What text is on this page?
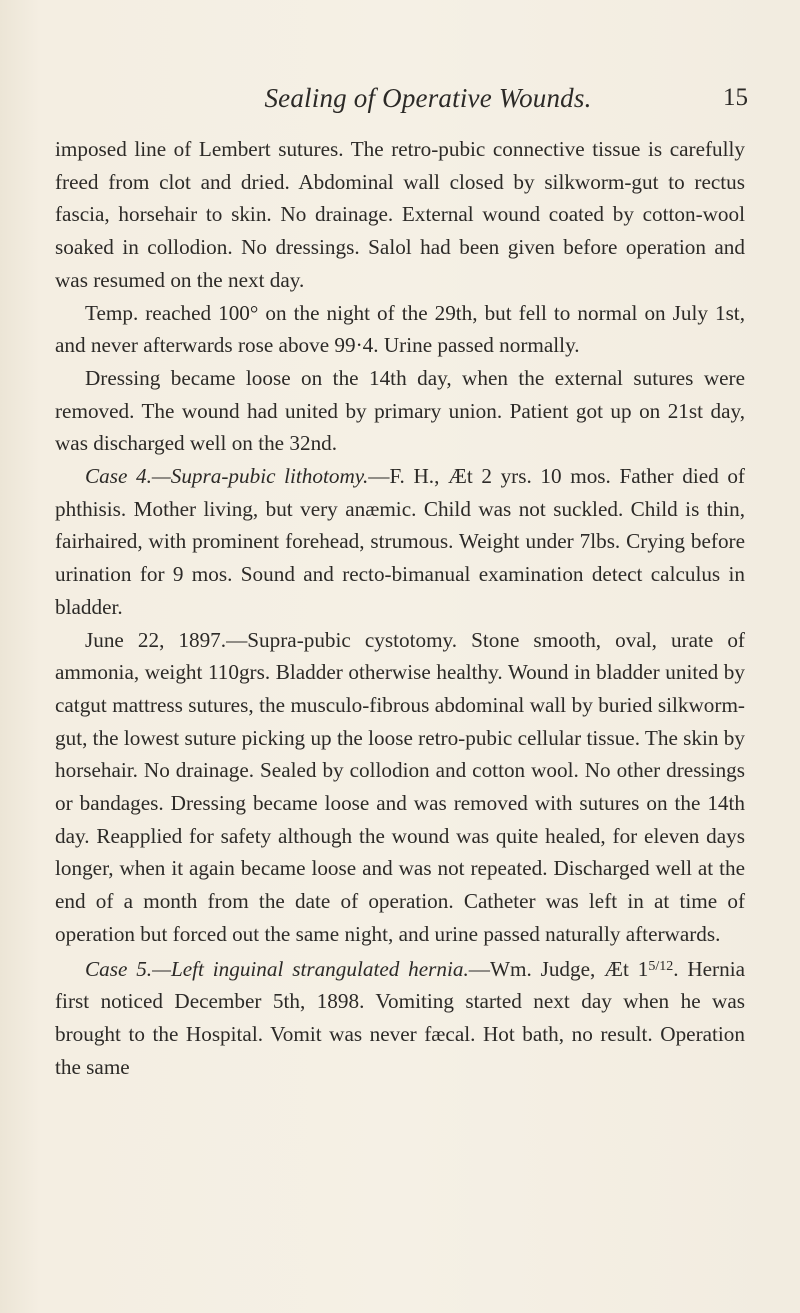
Sealing of Operative Wounds.	15

imposed line of Lembert sutures. The retro-pubic connective tissue is carefully freed from clot and dried. Abdominal wall closed by silkworm-gut to rectus fascia, horsehair to skin. No drainage. External wound coated by cotton-wool soaked in collodion. No dressings. Salol had been given before operation and was resumed on the next day.

Temp. reached 100° on the night of the 29th, but fell to normal on July 1st, and never afterwards rose above 99·4. Urine passed normally.

Dressing became loose on the 14th day, when the external sutures were removed. The wound had united by primary union. Patient got up on 21st day, was discharged well on the 32nd.

Case 4.—Supra-pubic lithotomy.—F. H., Æt 2 yrs. 10 mos. Father died of phthisis. Mother living, but very anæmic. Child was not suckled. Child is thin, fairhaired, with prominent forehead, strumous. Weight under 7lbs. Crying before urination for 9 mos. Sound and recto-bimanual examination detect calculus in bladder.

June 22, 1897.—Supra-pubic cystotomy. Stone smooth, oval, urate of ammonia, weight 110grs. Bladder otherwise healthy. Wound in bladder united by catgut mattress sutures, the musculo-fibrous abdominal wall by buried silkworm-gut, the lowest suture picking up the loose retro-pubic cellular tissue. The skin by horsehair. No drainage. Sealed by collodion and cotton wool. No other dressings or bandages. Dressing became loose and was removed with sutures on the 14th day. Reapplied for safety although the wound was quite healed, for eleven days longer, when it again became loose and was not repeated. Discharged well at the end of a month from the date of operation. Catheter was left in at time of operation but forced out the same night, and urine passed naturally afterwards.

Case 5.—Left inguinal strangulated hernia.—Wm. Judge, Æt $1^{5/12}$. Hernia first noticed December 5th, 1898. Vomiting started next day when he was brought to the Hospital. Vomit was never fæcal. Hot bath, no result. Operation the same
